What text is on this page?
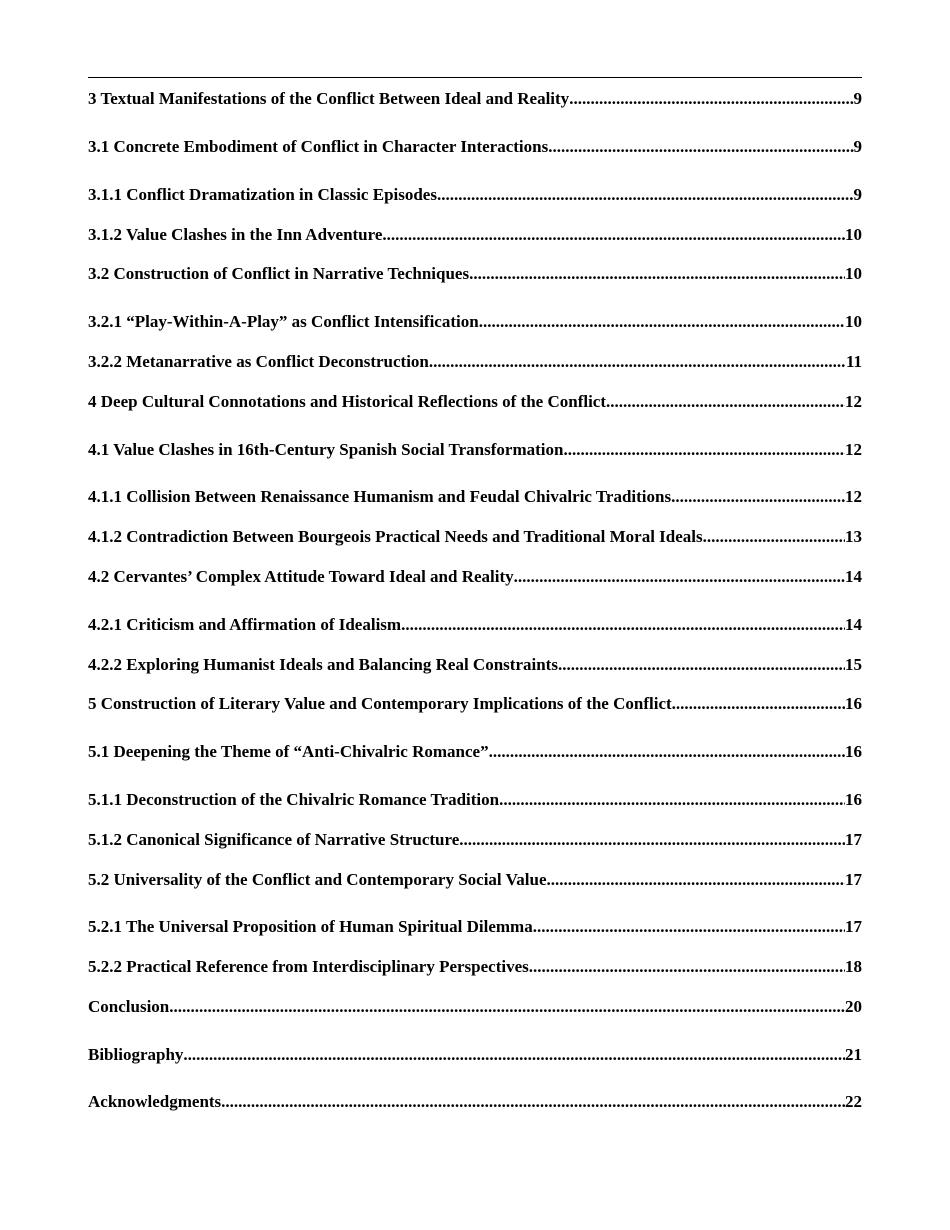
3 Textual Manifestations of the Conflict Between Ideal and Reality .....	9
3.1 Concrete Embodiment of Conflict in Character Interactions .....	9
3.1.1 Conflict Dramatization in Classic Episodes .....	9
3.1.2 Value Clashes in the Inn Adventure .....	10
3.2 Construction of Conflict in Narrative Techniques .....	10
3.2.1 “Play-Within-A-Play” as Conflict Intensification .....	10
3.2.2 Metanarrative as Conflict Deconstruction .....	11
4 Deep Cultural Connotations and Historical Reflections of the Conflict .....	12
4.1 Value Clashes in 16th-Century Spanish Social Transformation .....	12
4.1.1 Collision Between Renaissance Humanism and Feudal Chivalric Traditions .....	12
4.1.2 Contradiction Between Bourgeois Practical Needs and Traditional Moral Ideals .....	13
4.2 Cervantes’ Complex Attitude Toward Ideal and Reality .....	14
4.2.1 Criticism and Affirmation of Idealism .....	14
4.2.2 Exploring Humanist Ideals and Balancing Real Constraints .....	15
5 Construction of Literary Value and Contemporary Implications of the Conflict .....	16
5.1 Deepening the Theme of “Anti-Chivalric Romance” .....	16
5.1.1 Deconstruction of the Chivalric Romance Tradition .....	16
5.1.2 Canonical Significance of Narrative Structure .....	17
5.2 Universality of the Conflict and Contemporary Social Value .....	17
5.2.1 The Universal Proposition of Human Spiritual Dilemma .....	17
5.2.2 Practical Reference from Interdisciplinary Perspectives .....	18
Conclusion .....	20
Bibliography .....	21
Acknowledgments .....	22
